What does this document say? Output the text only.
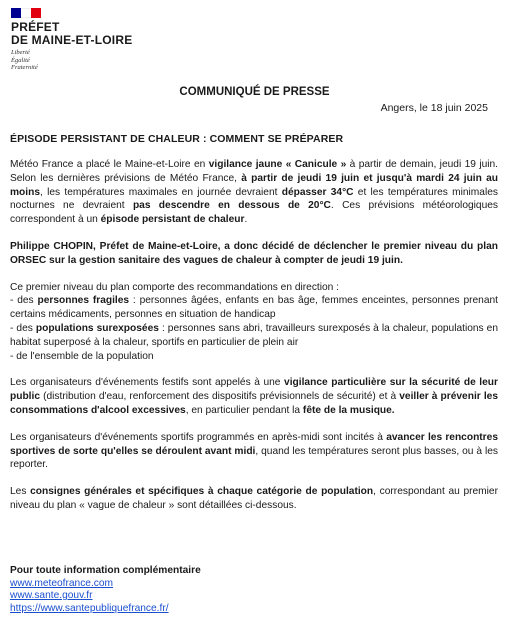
PRÉFET
DE MAINE-ET-LOIRE
Liberté
Égalité
Fraternité
COMMUNIQUÉ DE PRESSE
Angers, le 18 juin 2025
ÉPISODE PERSISTANT DE CHALEUR : COMMENT SE PRÉPARER

Météo France a placé le Maine-et-Loire en vigilance jaune « Canicule » à partir de demain, jeudi 19 juin. Selon les dernières prévisions de Météo France, à partir de jeudi 19 juin et jusqu'à mardi 24 juin au moins, les températures maximales en journée devraient dépasser 34°C et les températures minimales nocturnes ne devraient pas descendre en dessous de 20°C. Ces prévisions météorologiques correspondent à un épisode persistant de chaleur.

Philippe CHOPIN, Préfet de Maine-et-Loire, a donc décidé de déclencher le premier niveau du plan ORSEC sur la gestion sanitaire des vagues de chaleur à compter de jeudi 19 juin.

Ce premier niveau du plan comporte des recommandations en direction :
- des personnes fragiles : personnes âgées, enfants en bas âge, femmes enceintes, personnes prenant certains médicaments, personnes en situation de handicap
- des populations surexposées : personnes sans abri, travailleurs surexposés à la chaleur, populations en habitat superposé à la chaleur, sportifs en particulier de plein air
- de l'ensemble de la population

Les organisateurs d'événements festifs sont appelés à une vigilance particulière sur la sécurité de leur public (distribution d'eau, renforcement des dispositifs prévisionnels de sécurité) et à veiller à prévenir les consommations d'alcool excessives, en particulier pendant la fête de la musique.

Les organisateurs d'événements sportifs programmés en après-midi sont incités à avancer les rencontres sportives de sorte qu'elles se déroulent avant midi, quand les températures seront plus basses, ou à les reporter.

Les consignes générales et spécifiques à chaque catégorie de population, correspondant au premier niveau du plan « vague de chaleur » sont détaillées ci-dessous.

Pour toute information complémentaire
www.meteofrance.com
www.sante.gouv.fr
https://www.santepubliquefrance.fr/
